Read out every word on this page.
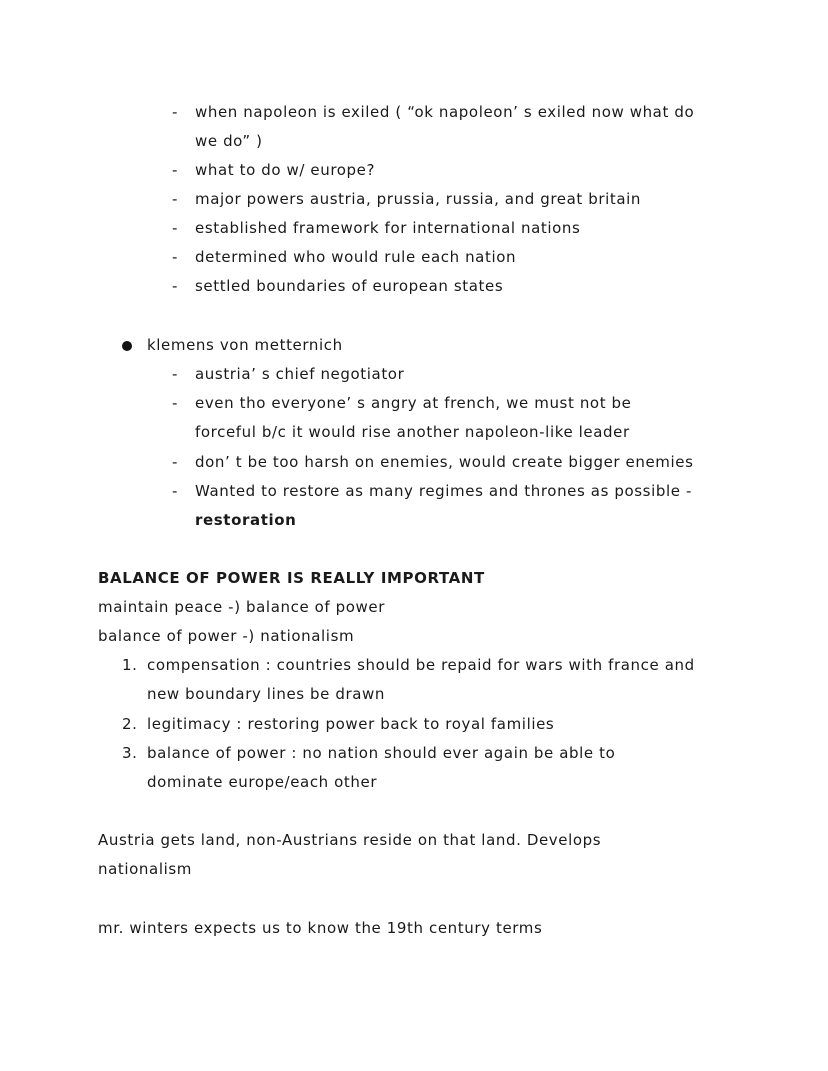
- when napoleon is exiled ( “ok napoleon’ s exiled now what do
we do” )
- what to do w/ europe?
- major powers austria, prussia, russia, and great britain
- established framework for international nations
- determined who would rule each nation
- settled boundaries of european states
klemens von metternich
- austria’ s chief negotiator
- even tho everyone’ s angry at french, we must not be
forceful b/c it would rise another napoleon-like leader
- don’ t be too harsh on enemies, would create bigger enemies
- Wanted to restore as many regimes and thrones as possible -
restoration
BALANCE OF POWER IS REALLY IMPORTANT
maintain peace -) balance of power
balance of power -) nationalism
1. compensation : countries should be repaid for wars with france and
new boundary lines be drawn
2. legitimacy : restoring power back to royal families
3. balance of power : no nation should ever again be able to
dominate europe/each other
Austria gets land, non-Austrians reside on that land. Develops
nationalism
mr. winters expects us to know the 19th century terms
